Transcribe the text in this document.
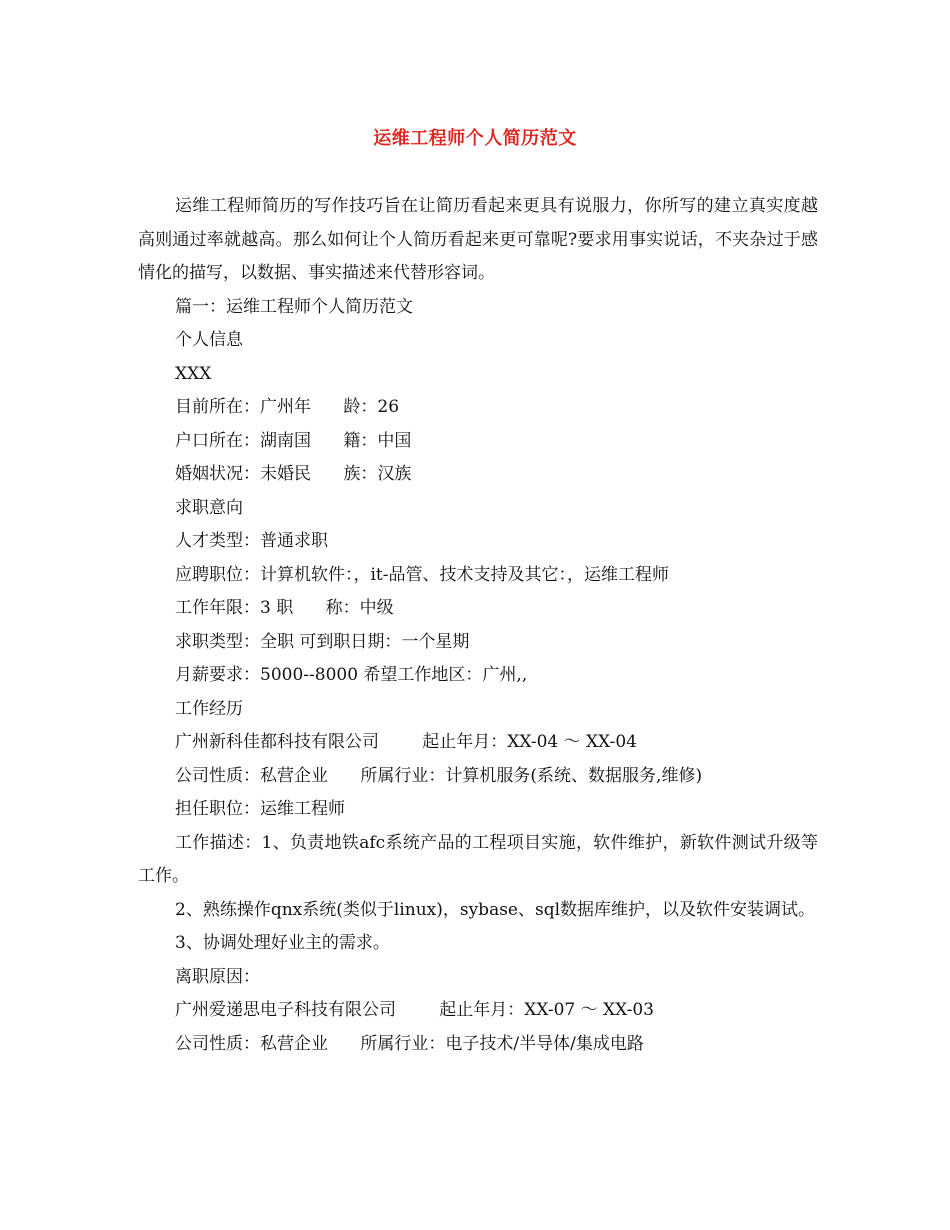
运维工程师个人简历范文
运维工程师简历的写作技巧旨在让简历看起来更具有说服力，你所写的建立真实度越高则通过率就越高。那么如何让个人简历看起来更可靠呢?要求用事实说话，不夹杂过于感情化的描写，以数据、事实描述来代替形容词。
篇一：运维工程师个人简历范文
个人信息
XXX
目前所在：广州年      龄：26
户口所在：湖南国      籍：中国
婚姻状况：未婚民      族：汉族
求职意向
人才类型：普通求职
应聘职位：计算机软件：，it-品管、技术支持及其它：，运维工程师
工作年限：3 职      称：中级
求职类型：全职 可到职日期：一个星期
月薪要求：5000--8000 希望工作地区：广州,,
工作经历
广州新科佳都科技有限公司        起止年月：XX-04 ～ XX-04
公司性质：私营企业      所属行业：计算机服务(系统、数据服务,维修)
担任职位：运维工程师
工作描述：1、负责地铁afc系统产品的工程项目实施，软件维护，新软件测试升级等工作。
2、熟练操作qnx系统(类似于linux)，sybase、sql数据库维护，以及软件安装调试。
3、协调处理好业主的需求。
离职原因：
广州爱递思电子科技有限公司        起止年月：XX-07 ～ XX-03
公司性质：私营企业      所属行业：电子技术/半导体/集成电路
